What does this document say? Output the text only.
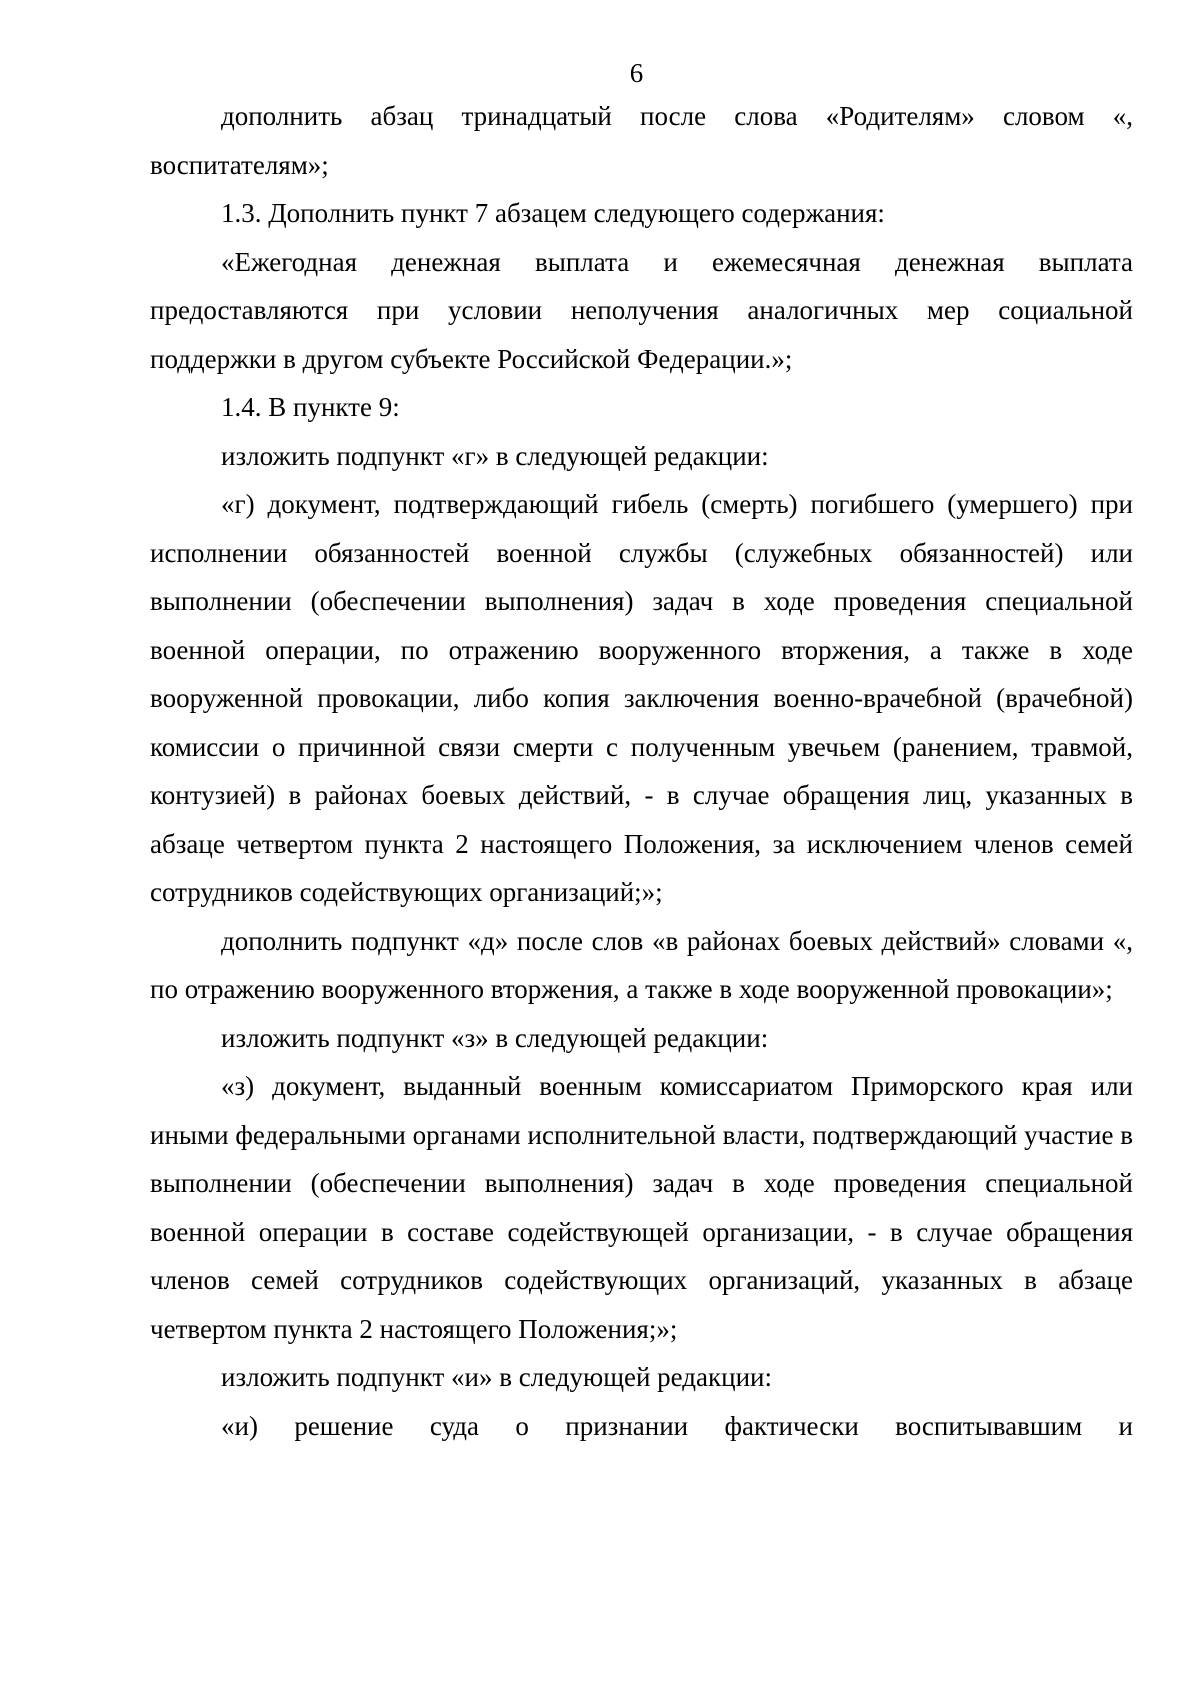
6

дополнить абзац тринадцатый после слова «Родителям» словом «, воспитателям»;

1.3. Дополнить пункт 7 абзацем следующего содержания:

«Ежегодная денежная выплата и ежемесячная денежная выплата предоставляются при условии неполучения аналогичных мер социальной поддержки в другом субъекте Российской Федерации.»;

1.4. В пункте 9:

изложить подпункт «г» в следующей редакции:

«г) документ, подтверждающий гибель (смерть) погибшего (умершего) при исполнении обязанностей военной службы (служебных обязанностей) или выполнении (обеспечении выполнения) задач в ходе проведения специальной военной операции, по отражению вооруженного вторжения, а также в ходе вооруженной провокации, либо копия заключения военно-врачебной (врачебной) комиссии о причинной связи смерти с полученным увечьем (ранением, травмой, контузией) в районах боевых действий, - в случае обращения лиц, указанных в абзаце четвертом пункта 2 настоящего Положения, за исключением членов семей сотрудников содействующих организаций;»;

дополнить подпункт «д» после слов «в районах боевых действий» словами «, по отражению вооруженного вторжения, а также в ходе вооруженной провокации»;

изложить подпункт «з» в следующей редакции:

«з) документ, выданный военным комиссариатом Приморского края или иными федеральными органами исполнительной власти, подтверждающий участие в выполнении (обеспечении выполнения) задач в ходе проведения специальной военной операции в составе содействующей организации, - в случае обращения членов семей сотрудников содействующих организаций, указанных в абзаце четвертом пункта 2 настоящего Положения;»;

изложить подпункт «и» в следующей редакции:

«и) решение суда о признании фактически воспитывавшим и
